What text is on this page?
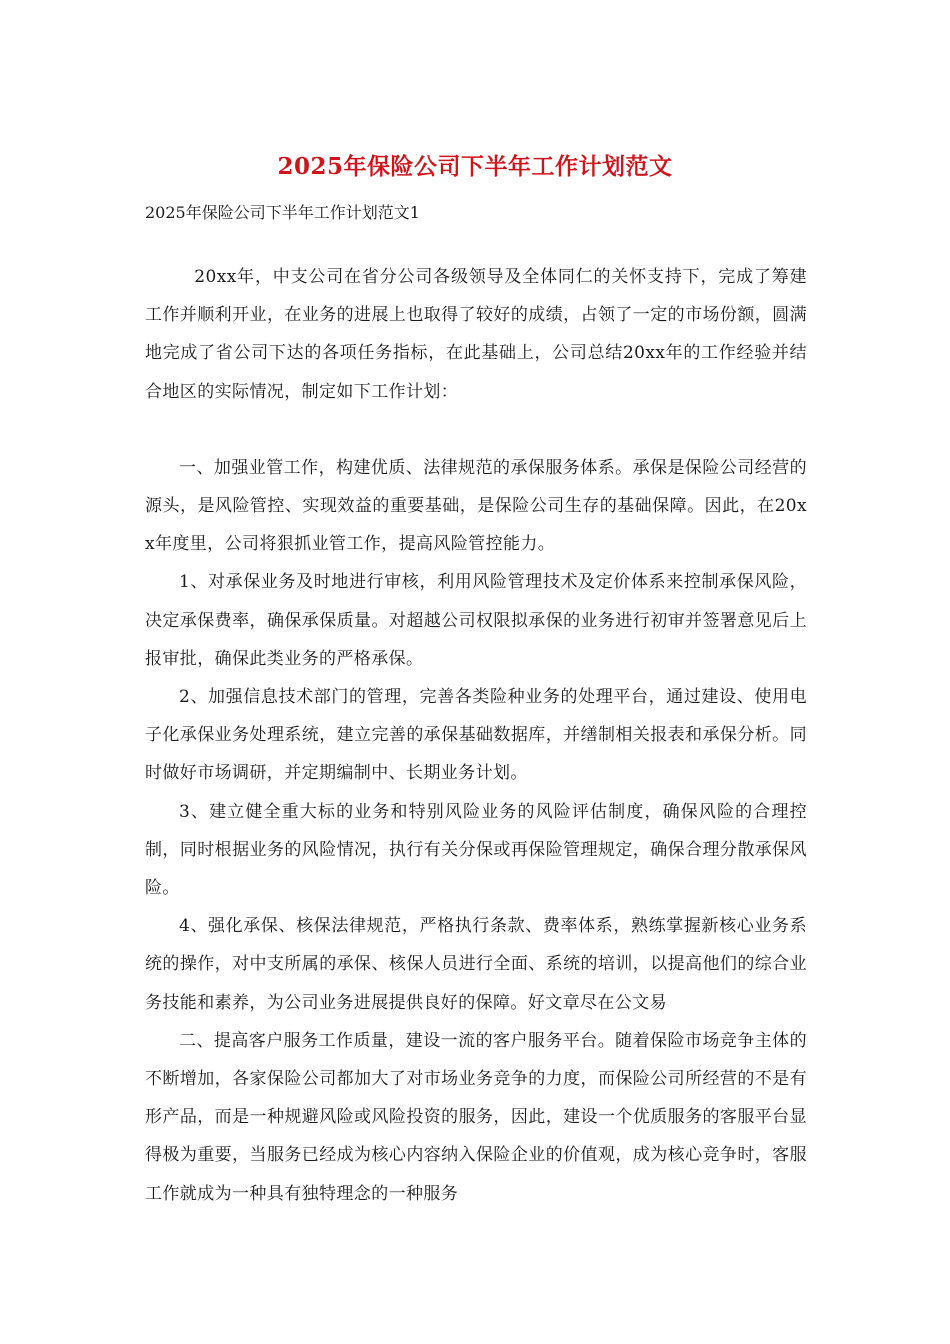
2025年保险公司下半年工作计划范文
2025年保险公司下半年工作计划范文1

20xx年，中支公司在省分公司各级领导及全体同仁的关怀支持下，完成了筹建工作并顺利开业，在业务的进展上也取得了较好的成绩，占领了一定的市场份额，圆满地完成了省公司下达的各项任务指标，在此基础上，公司总结20xx年的工作经验并结合地区的实际情况，制定如下工作计划：

一、加强业管工作，构建优质、法律规范的承保服务体系。承保是保险公司经营的源头，是风险管控、实现效益的重要基础，是保险公司生存的基础保障。因此，在20xx年度里，公司将狠抓业管工作，提高风险管控能力。

1、对承保业务及时地进行审核，利用风险管理技术及定价体系来控制承保风险，决定承保费率，确保承保质量。对超越公司权限拟承保的业务进行初审并签署意见后上报审批，确保此类业务的严格承保。

2、加强信息技术部门的管理，完善各类险种业务的处理平台，通过建设、使用电子化承保业务处理系统，建立完善的承保基础数据库，并缮制相关报表和承保分析。同时做好市场调研，并定期编制中、长期业务计划。

3、建立健全重大标的业务和特别风险业务的风险评估制度，确保风险的合理控制，同时根据业务的风险情况，执行有关分保或再保险管理规定，确保合理分散承保风险。

4、强化承保、核保法律规范，严格执行条款、费率体系，熟练掌握新核心业务系统的操作，对中支所属的承保、核保人员进行全面、系统的培训，以提高他们的综合业务技能和素养，为公司业务进展提供良好的保障。好文章尽在公文易

二、提高客户服务工作质量，建设一流的客户服务平台。随着保险市场竞争主体的不断增加，各家保险公司都加大了对市场业务竞争的力度，而保险公司所经营的不是有形产品，而是一种规避风险或风险投资的服务，因此，建设一个优质服务的客服平台显得极为重要，当服务已经成为核心内容纳入保险企业的价值观，成为核心竞争时，客服工作就成为一种具有独特理念的一种服务
